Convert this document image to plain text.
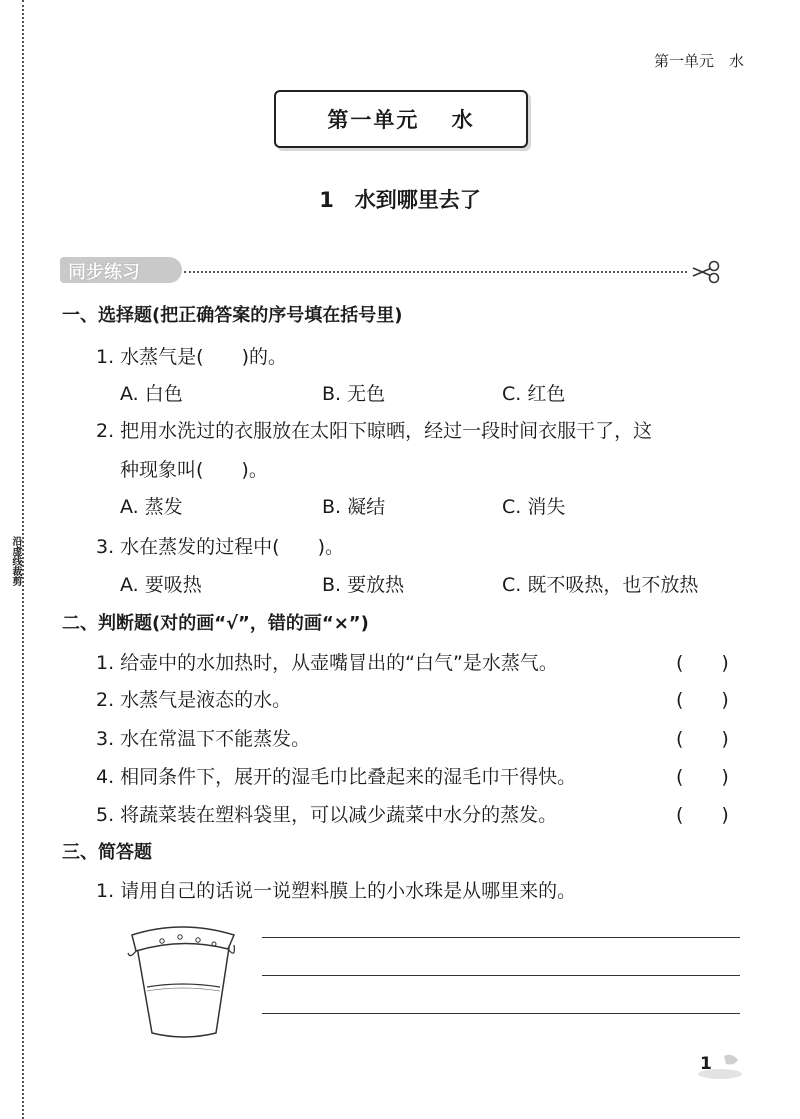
沿虚线裁剪
第一单元　水
第一单元　 水
1　水到哪里去了
同步练习
一、选择题(把正确答案的序号填在括号里)
1. 水蒸气是(　　)的。
A. 白色	B. 无色	C. 红色
2. 把用水洗过的衣服放在太阳下晾晒，经过一段时间衣服干了，这
种现象叫(　　)。
A. 蒸发	B. 凝结	C. 消失
3. 水在蒸发的过程中(　　)。
A. 要吸热	B. 要放热	C. 既不吸热，也不放热
二、判断题(对的画“√”，错的画“×”)
1. 给壶中的水加热时，从壶嘴冒出的“白气”是水蒸气。	(　　)
2. 水蒸气是液态的水。	(　　)
3. 水在常温下不能蒸发。	(　　)
4. 相同条件下，展开的湿毛巾比叠起来的湿毛巾干得快。	(　　)
5. 将蔬菜装在塑料袋里，可以减少蔬菜中水分的蒸发。	(　　)
三、简答题
1. 请用自己的话说一说塑料膜上的小水珠是从哪里来的。
1
